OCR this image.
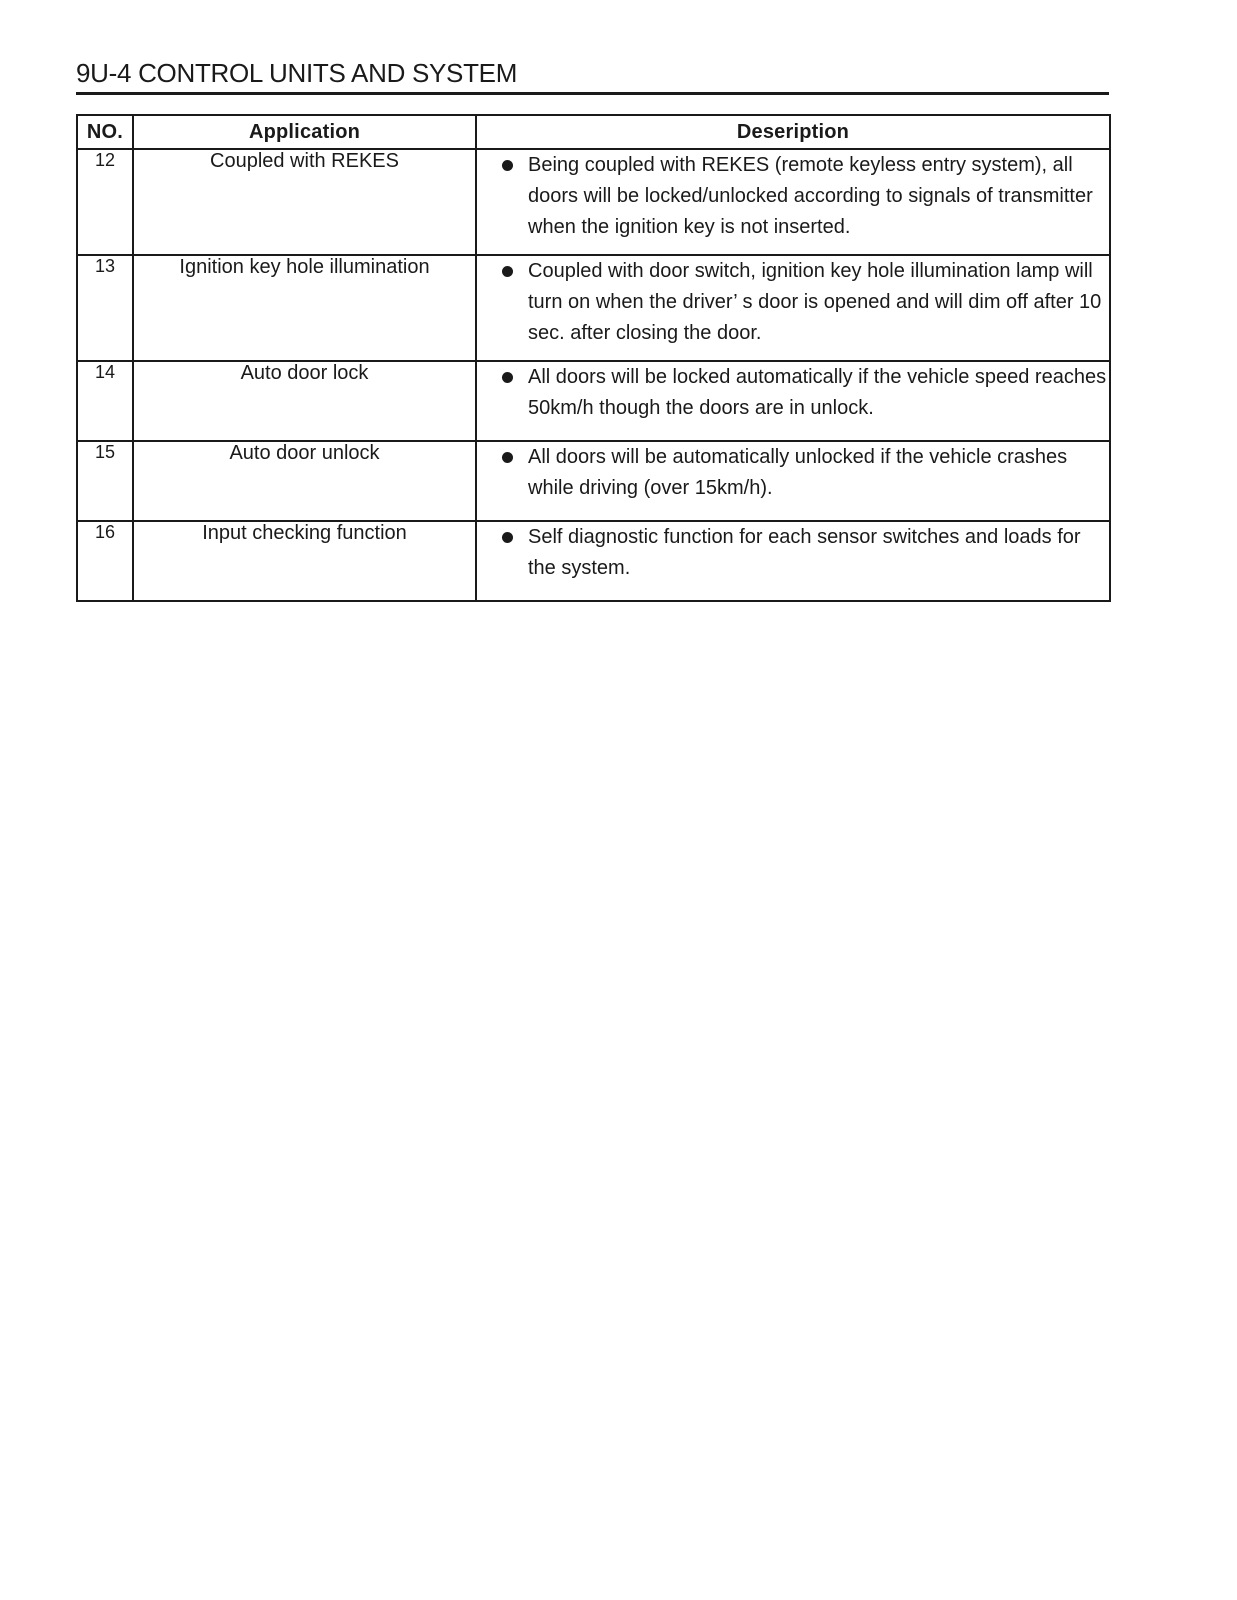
9U-4 CONTROL UNITS AND SYSTEM
NO.	Application	Deseription
12	Coupled with REKES	Being coupled with REKES (remote keyless entry system), all doors will be locked/unlocked according to signals of transmitter when the ignition key is not inserted.

13	Ignition key hole illumination	Coupled with door switch, ignition key hole illumination lamp will turn on when the driver’ s door is opened and will dim off after 10 sec. after closing the door.

14	Auto door lock	All doors will be locked automatically if the vehicle speed reaches 50km/h though the doors are in unlock.

15	Auto door unlock	All doors will be automatically unlocked if the vehicle crashes while driving (over 15km/h).

16	Input checking function	Self diagnostic function for each sensor switches and loads for the system.
